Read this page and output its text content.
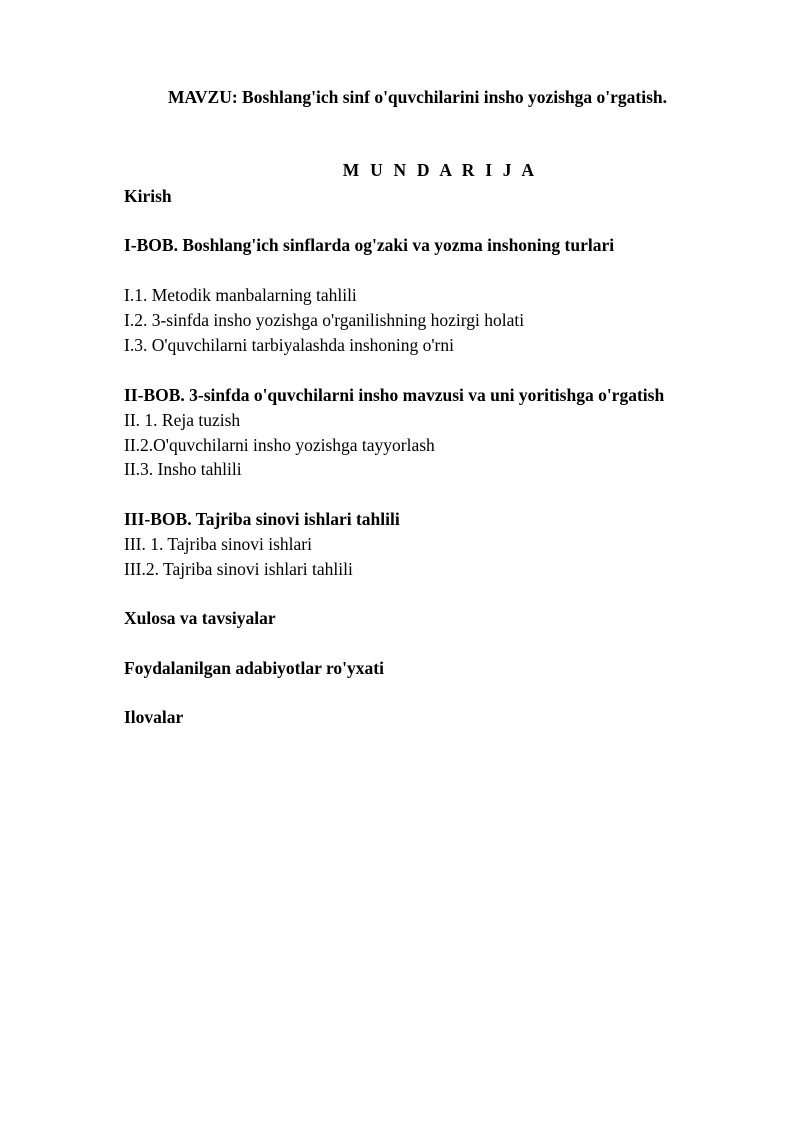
MAVZU: Boshlang'ich sinf o'quvchilarini insho yozishga o'rgatish.

M U N D A R I J A

Kirish

I-BOB. Boshlang'ich sinflarda og'zaki va yozma inshoning turlari

I.1. Metodik manbalarning tahlili

I.2. 3-sinfda insho yozishga o'rganilishning hozirgi holati

I.3. O'quvchilarni tarbiyalashda inshoning o'rni

II-BOB. 3-sinfda o'quvchilarni insho mavzusi va uni yoritishga o'rgatish

II. 1. Reja tuzish

II.2.O'quvchilarni insho yozishga tayyorlash

II.3. Insho tahlili

III-BOB. Tajriba sinovi ishlari tahlili

III. 1. Tajriba sinovi ishlari

III.2. Tajriba sinovi ishlari tahlili

Xulosa va tavsiyalar

Foydalanilgan adabiyotlar ro'yxati

Ilovalar
